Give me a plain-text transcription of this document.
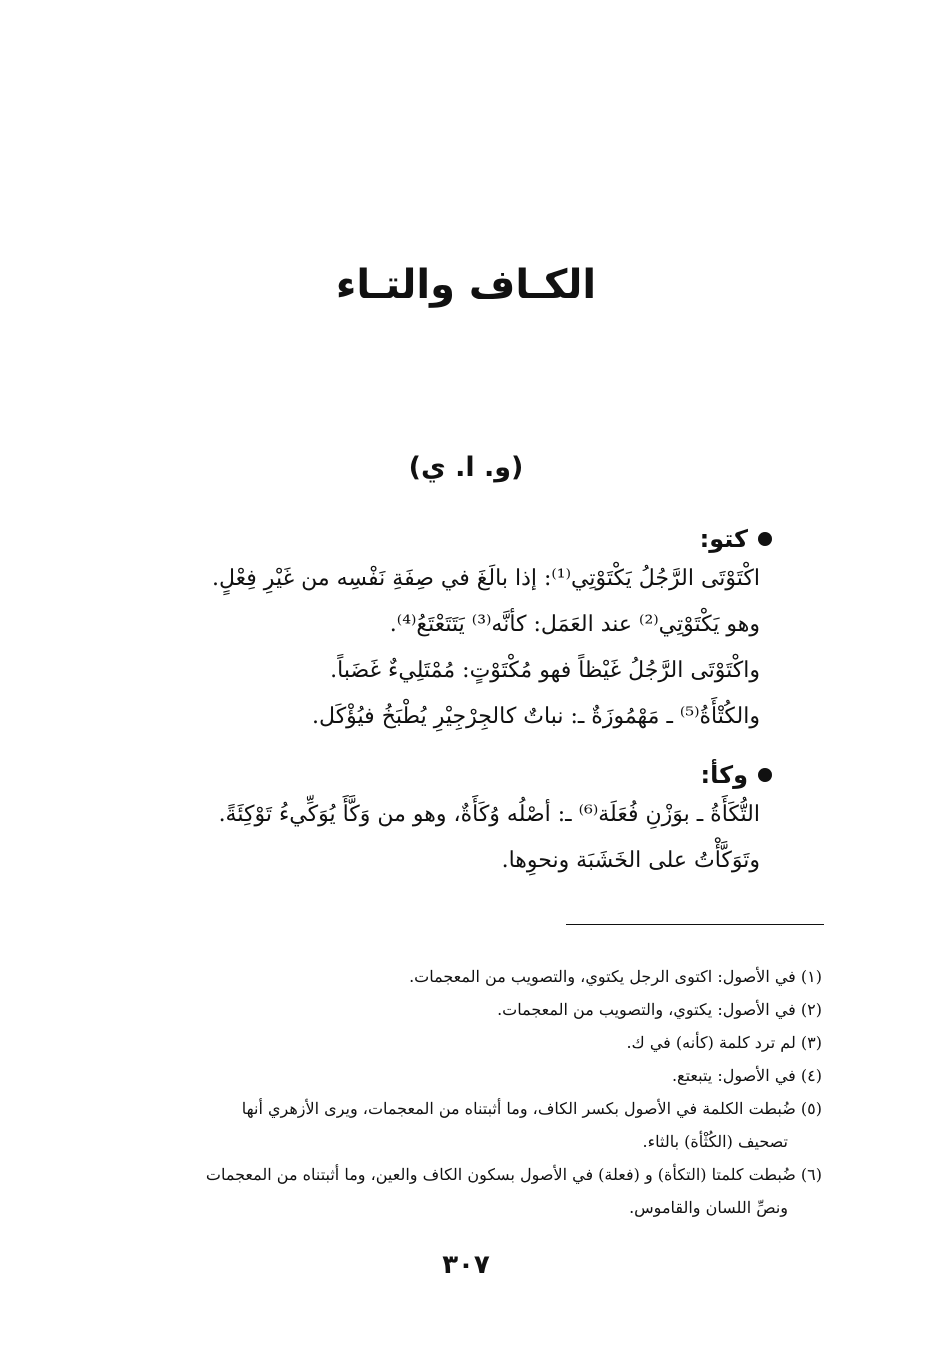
الكـاف والتـاء
(و. ا. ي)
كتو:
اكْتَوْتَى الرَّجُلُ يَكْتَوْتِي⁽¹⁾: إذا بالَغَ في صِفَةِ نَفْسِه من غَيْرِ فِعْلٍ.
وهو يَكْتَوْتِي⁽²⁾ عند العَمَل: كأنَّه⁽³⁾ يَتَتَعْتَعُ⁽⁴⁾.
واكْتَوْتَى الرَّجُلُ غَيْظاً فهو مُكْتَوْتٍ: مُمْتَلِيءٌ غَضَباً.
والكُتْأَةُ⁽⁵⁾ ـ مَهْمُوزَةٌ ـ: نباتٌ كالجِرْجِيْرِ يُطْبَخُ فيُؤْكَل.
وكأ:
التُّكَأَةُ ـ بوَزْنِ فُعَلَة⁽⁶⁾ ـ: أصْلُه وُكَأَةٌ، وهو من وَكَّأَ يُوَكِّيءُ تَوْكِئَةً.
وتَوَكَّأْتُ على الخَشَبَة ونحوِها.
(١) في الأصول: اكتوى الرجل يكتوي، والتصويب من المعجمات.
(٢) في الأصول: يكتوي، والتصويب من المعجمات.
(٣) لم ترد كلمة (كأنه) في ك.
(٤) في الأصول: يتبعتع.
(٥) ضُبطت الكلمة في الأصول بكسر الكاف، وما أثبتناه من المعجمات، ويرى الأزهري أنها
تصحيف (الكُثْأة) بالثاء.
(٦) ضُبطت كلمتا (التكأة) و (فعلة) في الأصول بسكون الكاف والعين، وما أثبتناه من المعجمات
ونصِّ اللسان والقاموس.
٣٠٧
